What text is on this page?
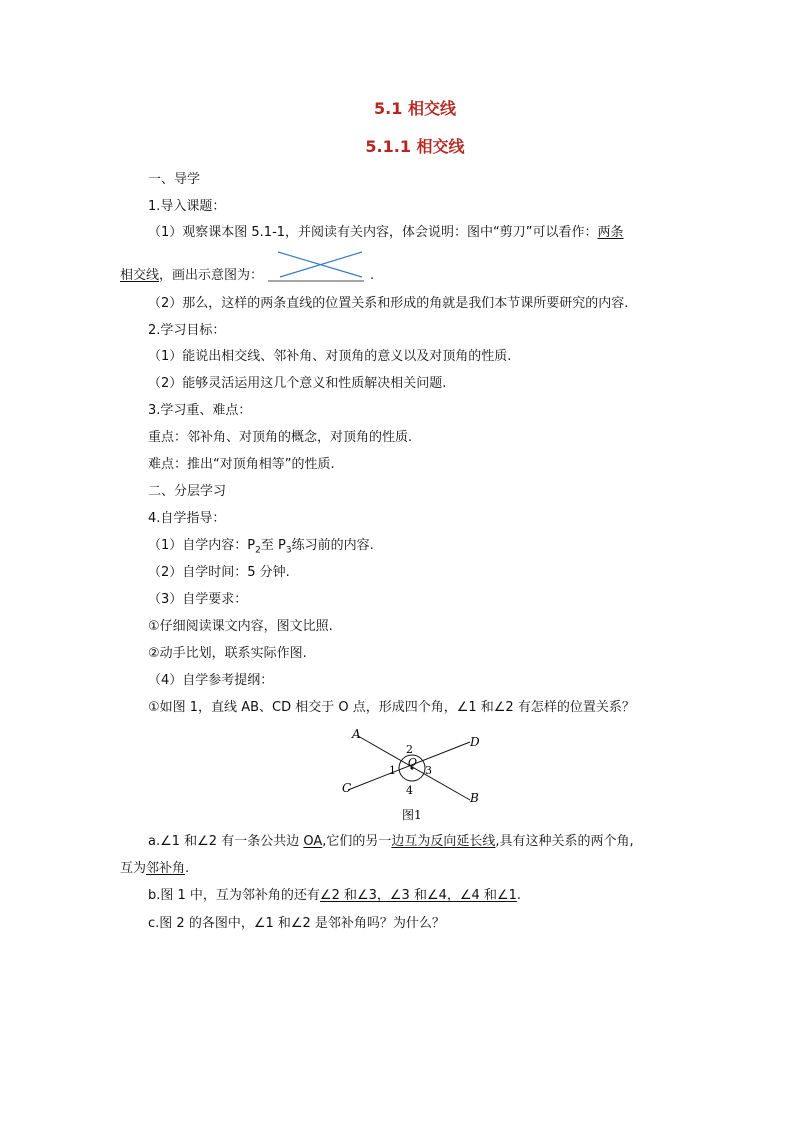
5.1 相交线
5.1.1 相交线
一、导学
1.导入课题：
（1）观察课本图 5.1-1，并阅读有关内容，体会说明：图中“剪刀”可以看作：两条
相交线，画出示意图为：	.
（2）那么，这样的两条直线的位置关系和形成的角就是我们本节课所要研究的内容.
2.学习目标：
（1）能说出相交线、邻补角、对顶角的意义以及对顶角的性质.
（2）能够灵活运用这几个意义和性质解决相关问题.
3.学习重、难点：
重点：邻补角、对顶角的概念，对顶角的性质.
难点：推出“对顶角相等”的性质.
二、分层学习
4.自学指导：
（1）自学内容：$P_2$至 $P_3$练习前的内容.
（2）自学时间：5 分钟.
（3）自学要求：
①仔细阅读课文内容，图文比照.
②动手比划，联系实际作图.
（4）自学参考提纲：
①如图 1，直线 AB、CD 相交于 O 点，形成四个角，∠1 和∠2 有怎样的位置关系？
A
D
C
B
O
1
2
3
4
图1
a.∠1 和∠2 有一条公共边 OA,它们的另一边互为反向延长线,具有这种关系的两个角,
互为邻补角.
b.图 1 中，互为邻补角的还有∠2 和∠3，∠3 和∠4，∠4 和∠1.
c.图 2 的各图中，∠1 和∠2 是邻补角吗？为什么？
